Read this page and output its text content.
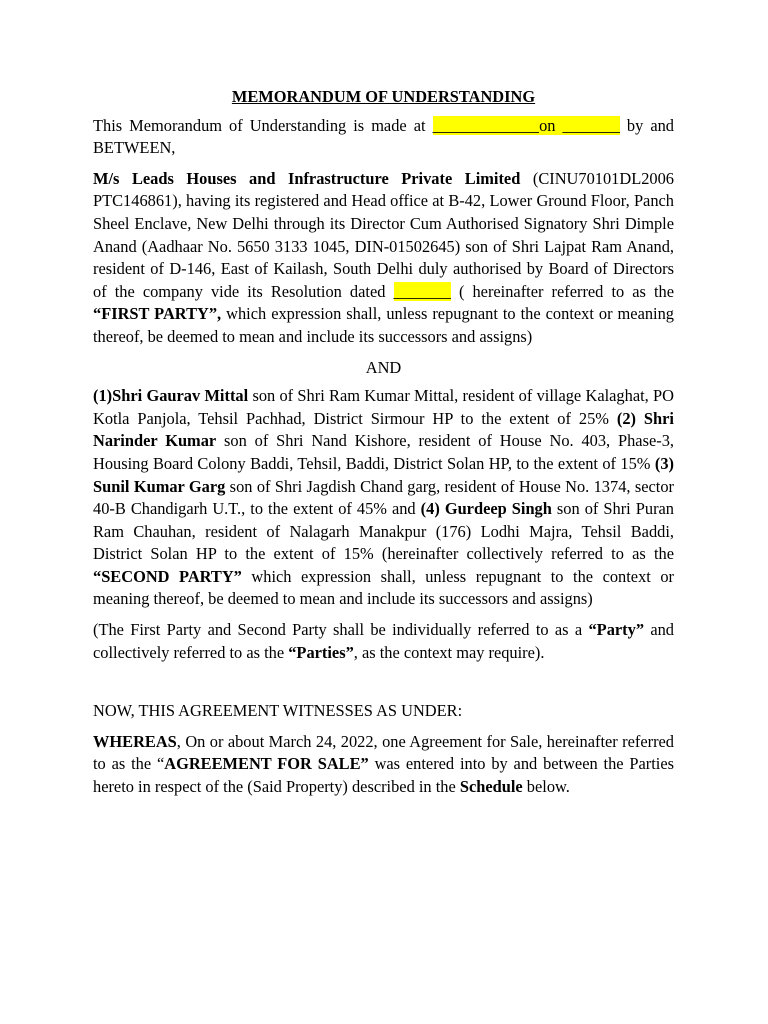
MEMORANDUM OF UNDERSTANDING

This Memorandum of Understanding is made at _____________on _______ by and BETWEEN,

M/s Leads Houses and Infrastructure Private Limited (CINU70101DL2006 PTC146861), having its registered and Head office at B-42, Lower Ground Floor, Panch Sheel Enclave, New Delhi through its Director Cum Authorised Signatory Shri Dimple Anand (Aadhaar No. 5650 3133 1045, DIN-01502645) son of Shri Lajpat Ram Anand, resident of D-146, East of Kailash, South Delhi duly authorised by Board of Directors of the company vide its Resolution dated _______ ( hereinafter referred to as the “FIRST PARTY”, which expression shall, unless repugnant to the context or meaning thereof, be deemed to mean and include its successors and assigns)

AND

(1)Shri Gaurav Mittal son of Shri Ram Kumar Mittal, resident of village Kalaghat, PO Kotla Panjola, Tehsil Pachhad, District Sirmour HP to the extent of 25% (2) Shri Narinder Kumar son of Shri Nand Kishore, resident of House No. 403, Phase-3, Housing Board Colony Baddi, Tehsil, Baddi, District Solan HP, to the extent of 15% (3) Sunil Kumar Garg son of Shri Jagdish Chand garg, resident of House No. 1374, sector 40-B Chandigarh U.T., to the extent of 45% and (4) Gurdeep Singh son of Shri Puran Ram Chauhan, resident of Nalagarh Manakpur (176) Lodhi Majra, Tehsil Baddi, District Solan HP to the extent of 15% (hereinafter collectively referred to as the “SECOND PARTY” which expression shall, unless repugnant to the context or meaning thereof, be deemed to mean and include its successors and assigns)

(The First Party and Second Party shall be individually referred to as a “Party” and collectively referred to as the “Parties”, as the context may require).

NOW, THIS AGREEMENT WITNESSES AS UNDER:

WHEREAS, On or about March 24, 2022, one Agreement for Sale, hereinafter referred to as the “AGREEMENT FOR SALE” was entered into by and between the Parties hereto in respect of the (Said Property) described in the Schedule below.
